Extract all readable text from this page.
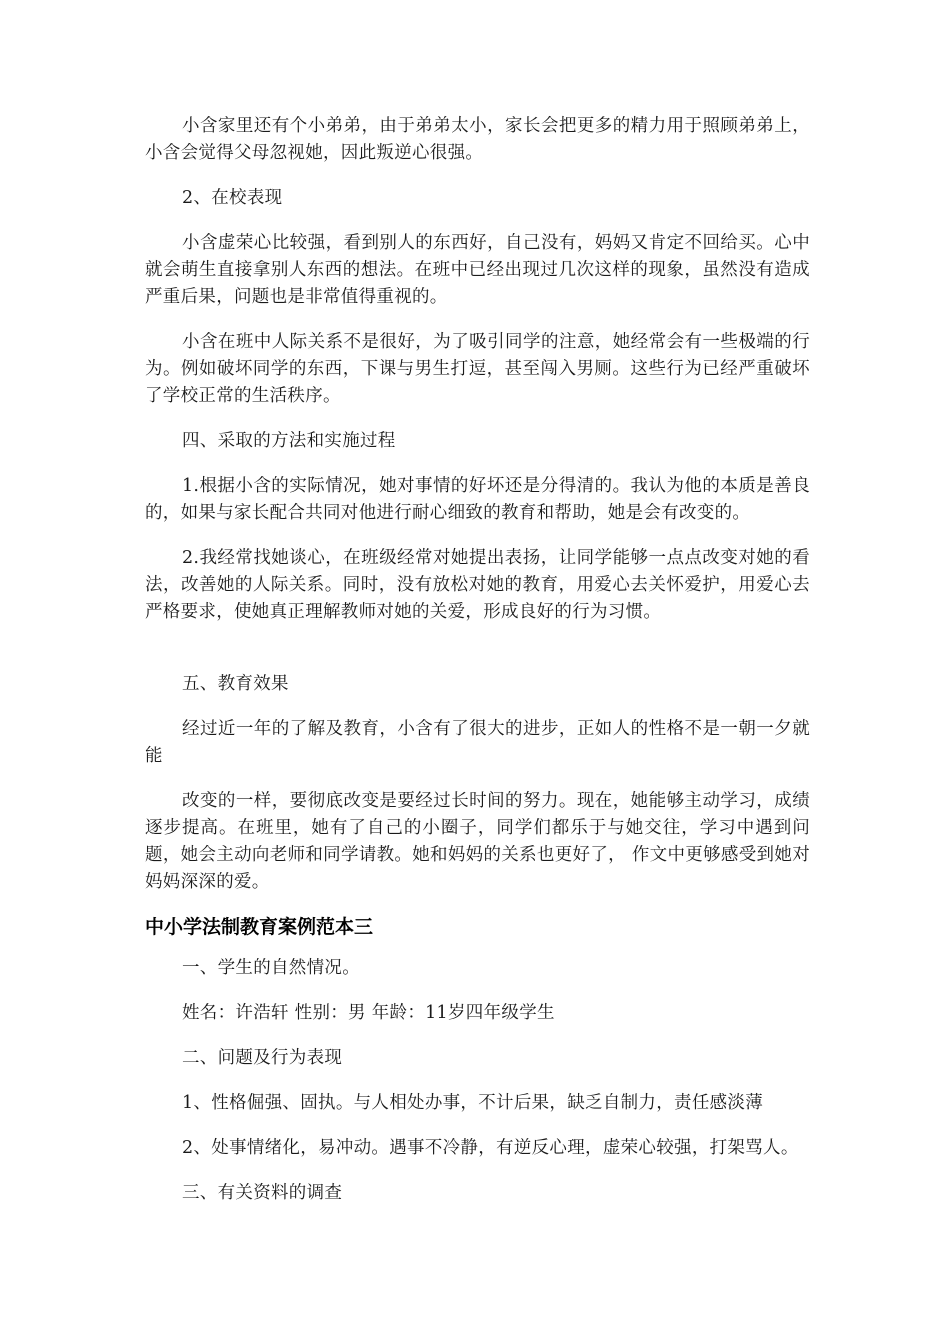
小含家里还有个小弟弟，由于弟弟太小，家长会把更多的精力用于照顾弟弟上，小含会觉得父母忽视她，因此叛逆心很强。

2、在校表现

小含虚荣心比较强，看到别人的东西好，自己没有，妈妈又肯定不回给买。心中就会萌生直接拿别人东西的想法。在班中已经出现过几次这样的现象，虽然没有造成严重后果，问题也是非常值得重视的。

小含在班中人际关系不是很好，为了吸引同学的注意，她经常会有一些极端的行为。例如破坏同学的东西，下课与男生打逗，甚至闯入男厕。这些行为已经严重破坏了学校正常的生活秩序。

四、采取的方法和实施过程

1.根据小含的实际情况，她对事情的好坏还是分得清的。我认为他的本质是善良的，如果与家长配合共同对他进行耐心细致的教育和帮助，她是会有改变的。

2.我经常找她谈心，在班级经常对她提出表扬，让同学能够一点点改变对她的看法，改善她的人际关系。同时，没有放松对她的教育，用爱心去关怀爱护，用爱心去严格要求，使她真正理解教师对她的关爱，形成良好的行为习惯。

五、教育效果

经过近一年的了解及教育，小含有了很大的进步，正如人的性格不是一朝一夕就能

改变的一样，要彻底改变是要经过长时间的努力。现在，她能够主动学习，成绩逐步提高。在班里，她有了自己的小圈子，同学们都乐于与她交往，学习中遇到问题，她会主动向老师和同学请教。她和妈妈的关系也更好了， 作文中更够感受到她对妈妈深深的爱。

中小学法制教育案例范本三

一、学生的自然情况。

姓名：许浩轩 性别：男 年龄：11岁四年级学生

二、问题及行为表现

1、性格倔强、固执。与人相处办事，不计后果，缺乏自制力，责任感淡薄

2、处事情绪化，易冲动。遇事不冷静，有逆反心理，虚荣心较强，打架骂人。

三、有关资料的调查
